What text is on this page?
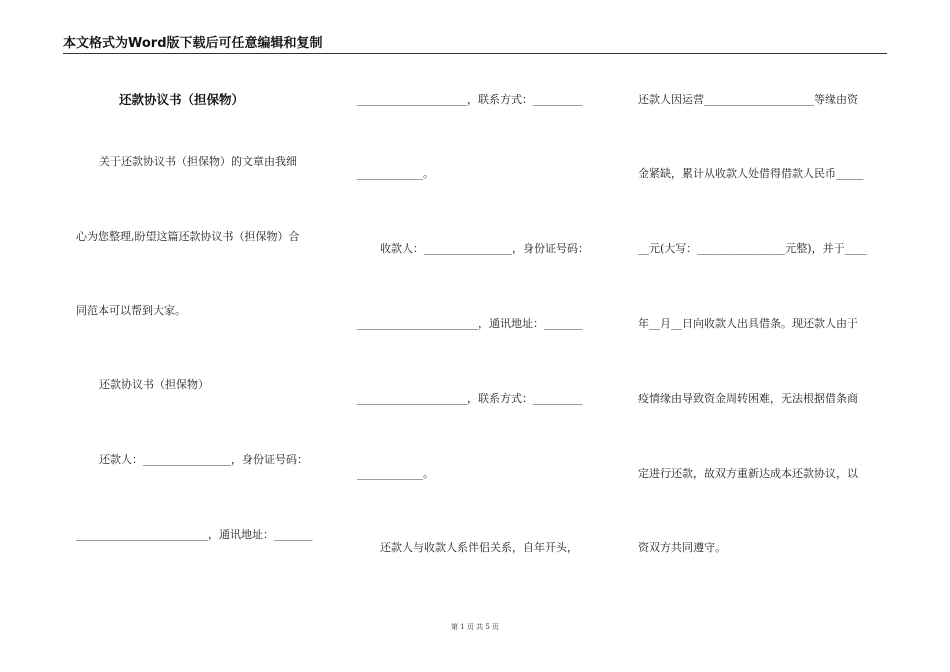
本文格式为Word版下载后可任意编辑和复制
还款协议书（担保物）
关于还款协议书（担保物）的文章由我细
心为您整理,盼望这篇还款协议书（担保物）合
同范本可以帮到大家。
还款协议书（担保物）
还款人：________________，身份证号码：
________________________，通讯地址：_______
____________________，联系方式：_________
____________。
收款人：________________，身份证号码：
______________________，通讯地址：_______
____________________，联系方式：_________
____________。
还款人与收款人系伴侣关系，自年开头，
还款人因运营____________________等缘由资
金紧缺，累计从收款人处借得借款人民币_____
__元(大写：________________元整)，并于____
年__月__日向收款人出具借条。现还款人由于
疫情缘由导致资金周转困难，无法根据借条商
定进行还款，故双方重新达成本还款协议，以
资双方共同遵守。
第 1 页 共 5 页
